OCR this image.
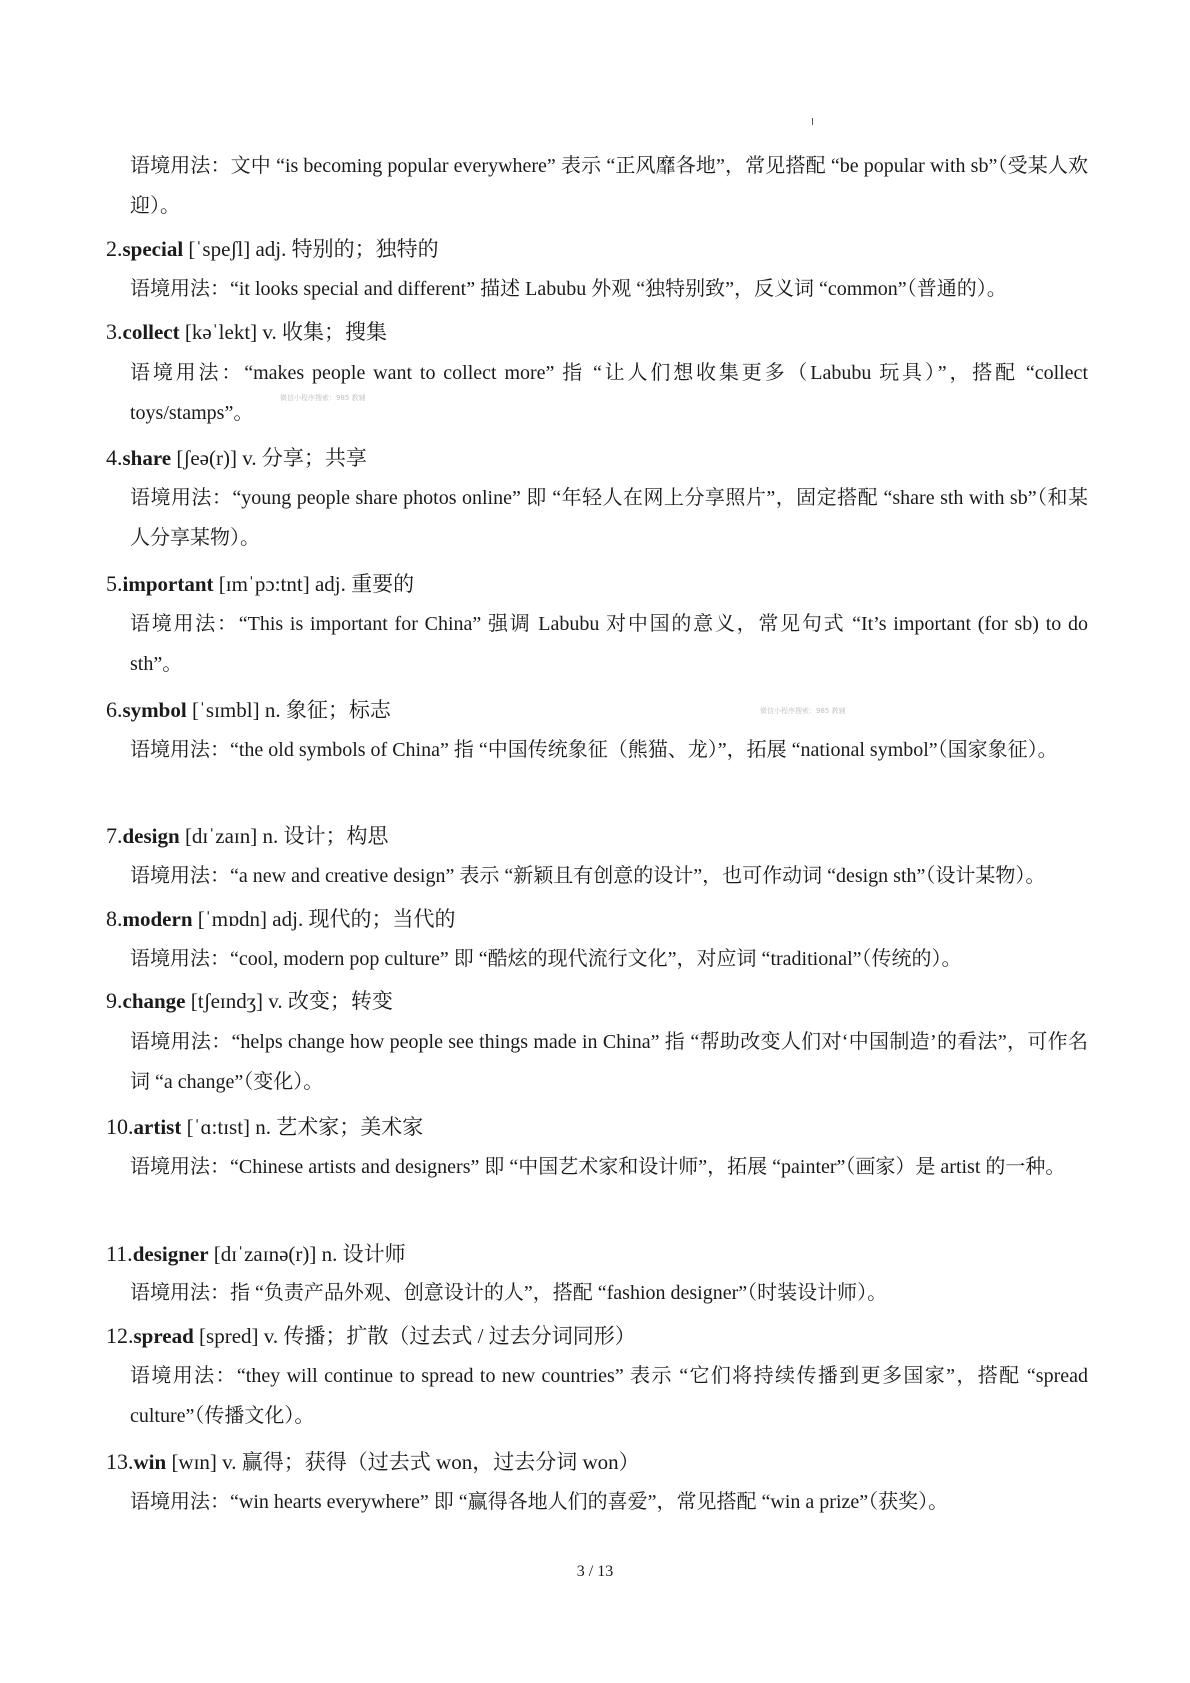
语境用法：文中 “is becoming popular everywhere” 表示 “正风靡各地”，常见搭配 “be popular with sb”（受某人欢迎）。
2.special [ˈspeʃl] adj. 特别的；独特的
语境用法：“it looks special and different” 描述 Labubu 外观 “独特别致”，反义词 “common”（普通的）。
3.collect [kəˈlekt] v. 收集；搜集
语境用法：“makes people want to collect more” 指 “让人们想收集更多（Labubu 玩具）”，搭配 “collect toys/stamps”。
微信小程序搜索：985 教辅
4.share [ʃeə(r)] v. 分享；共享
语境用法：“young people share photos online” 即 “年轻人在网上分享照片”，固定搭配 “share sth with sb”（和某人分享某物）。
5.important [ɪmˈpɔ:tnt] adj. 重要的
语境用法：“This is important for China” 强调 Labubu 对中国的意义，常见句式 “It’s important (for sb) to do sth”。
6.symbol [ˈsɪmbl] n. 象征；标志	微信小程序搜索：985 教辅
语境用法：“the old symbols of China” 指 “中国传统象征（熊猫、龙）”，拓展 “national symbol”（国家象征）。
7.design [dɪˈzaɪn] n. 设计；构思
语境用法：“a new and creative design” 表示 “新颖且有创意的设计”，也可作动词 “design sth”（设计某物）。
8.modern [ˈmɒdn] adj. 现代的；当代的
语境用法：“cool, modern pop culture” 即 “酷炫的现代流行文化”，对应词 “traditional”（传统的）。
9.change [tʃeɪndʒ] v. 改变；转变
语境用法：“helps change how people see things made in China” 指 “帮助改变人们对‘中国制造’的看法”，可作名词 “a change”（变化）。
10.artist [ˈɑ:tɪst] n. 艺术家；美术家
语境用法：“Chinese artists and designers” 即 “中国艺术家和设计师”，拓展 “painter”（画家）是 artist 的一种。
11.designer [dɪˈzaɪnə(r)] n. 设计师
语境用法：指 “负责产品外观、创意设计的人”，搭配 “fashion designer”（时装设计师）。
12.spread [spred] v. 传播；扩散（过去式 / 过去分词同形）
语境用法：“they will continue to spread to new countries” 表示 “它们将持续传播到更多国家”，搭配 “spread culture”（传播文化）。
13.win [wɪn] v. 赢得；获得（过去式 won，过去分词 won）
语境用法：“win hearts everywhere” 即 “赢得各地人们的喜爱”，常见搭配 “win a prize”（获奖）。
3 / 13
